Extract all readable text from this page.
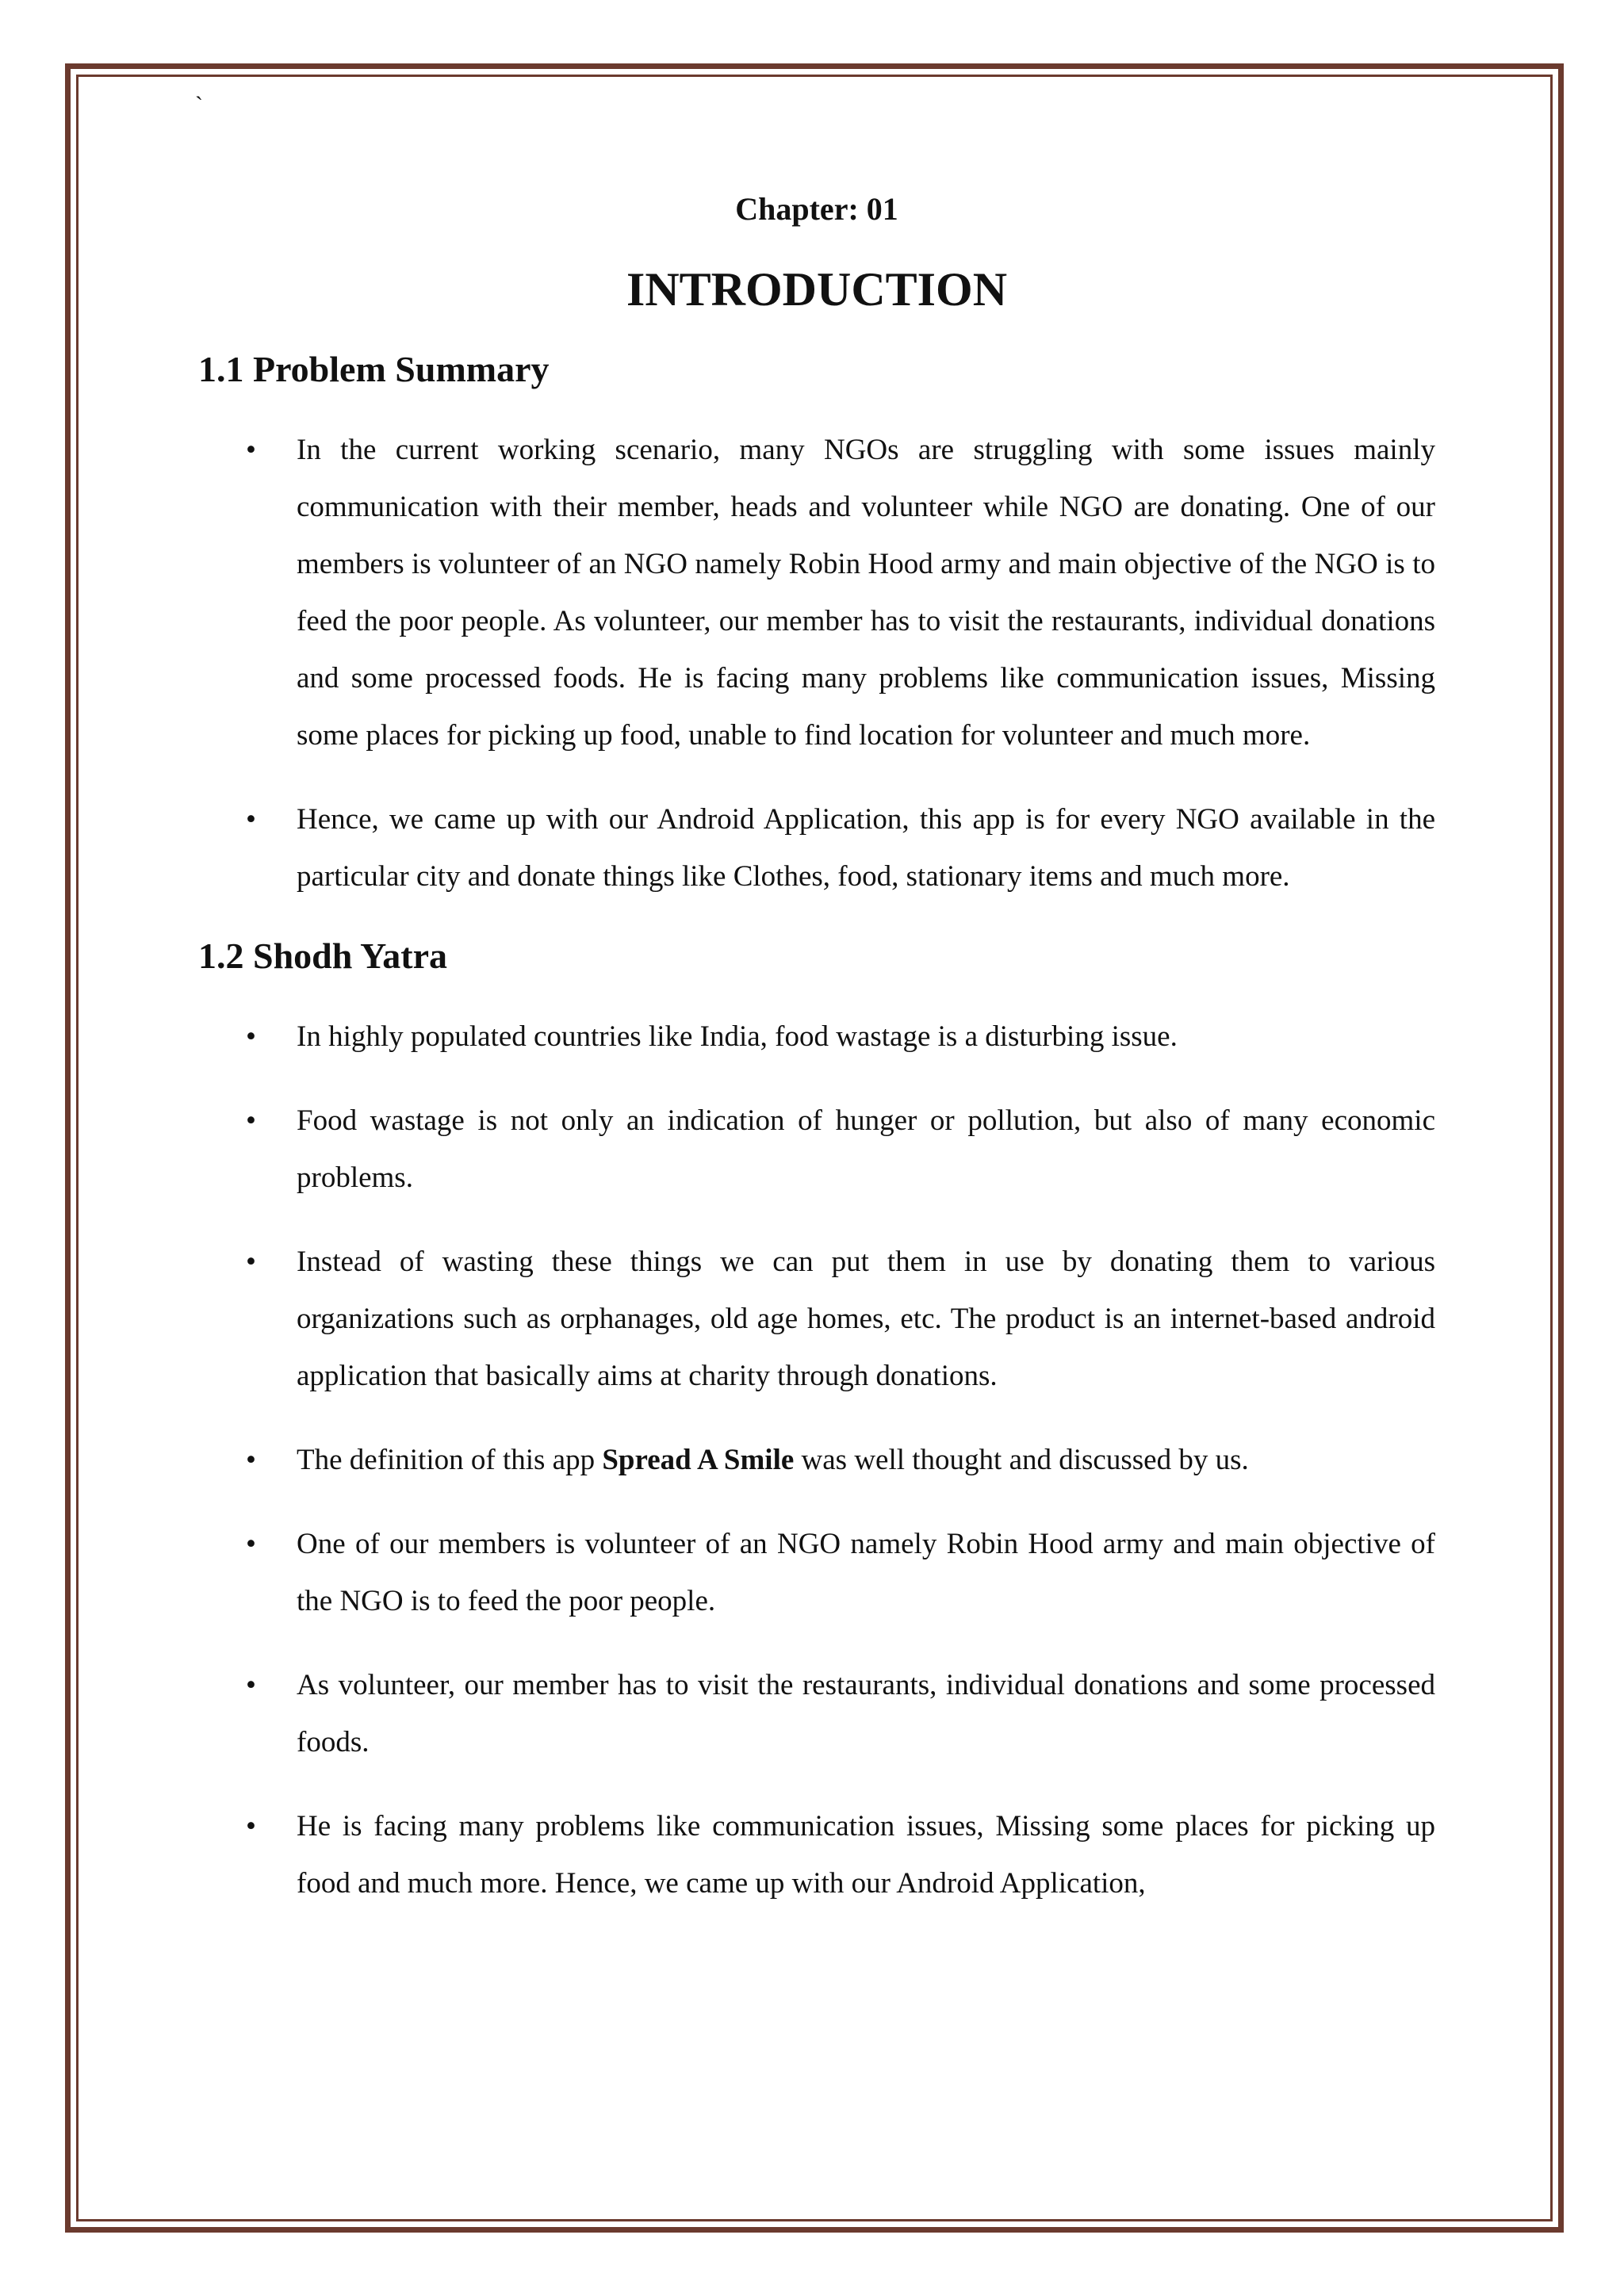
`
Chapter: 01
INTRODUCTION
1.1 Problem Summary
• In the current working scenario, many NGOs are struggling with some issues mainly communication with their member, heads and volunteer while NGO are donating. One of our members is volunteer of an NGO namely Robin Hood army and main objective of the NGO is to feed the poor people. As volunteer, our member has to visit the restaurants, individual donations and some processed foods. He is facing many problems like communication issues, Missing some places for picking up food, unable to find location for volunteer and much more.
• Hence, we came up with our Android Application, this app is for every NGO available in the particular city and donate things like Clothes, food, stationary items and much more.
1.2 Shodh Yatra
• In highly populated countries like India, food wastage is a disturbing issue.
• Food wastage is not only an indication of hunger or pollution, but also of many economic problems.
• Instead of wasting these things we can put them in use by donating them to various organizations such as orphanages, old age homes, etc. The product is an internet-based android application that basically aims at charity through donations.
• The definition of this app Spread A Smile was well thought and discussed by us.
• One of our members is volunteer of an NGO namely Robin Hood army and main objective of the NGO is to feed the poor people.
• As volunteer, our member has to visit the restaurants, individual donations and some processed foods.
• He is facing many problems like communication issues, Missing some places for picking up food and much more. Hence, we came up with our Android Application,
